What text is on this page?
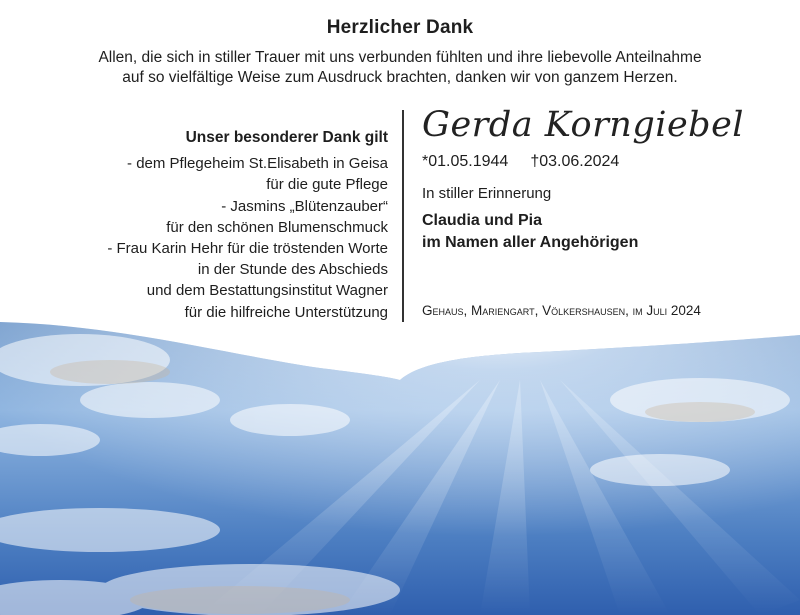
Herzlicher Dank
Allen, die sich in stiller Trauer mit uns verbunden fühlten und ihre liebevolle Anteilnahme
auf so vielfältige Weise zum Ausdruck brachten, danken wir von ganzem Herzen.

Unser besonderer Dank gilt

- dem Pflegeheim St.Elisabeth in Geisa

für die gute Pflege

- Jasmins „Blütenzauber“

für den schönen Blumenschmuck

- Frau Karin Hehr für die tröstenden Worte

in der Stunde des Abschieds

und dem Bestattungsinstitut Wagner

für die hilfreiche Unterstützung

Gerda Korngiebel
*01.05.1944 †03.06.2024
In stiller Erinnerung
Claudia und Pia
im Namen aller Angehörigen
Gehaus, Mariengart, Völkershausen, im Juli 2024
